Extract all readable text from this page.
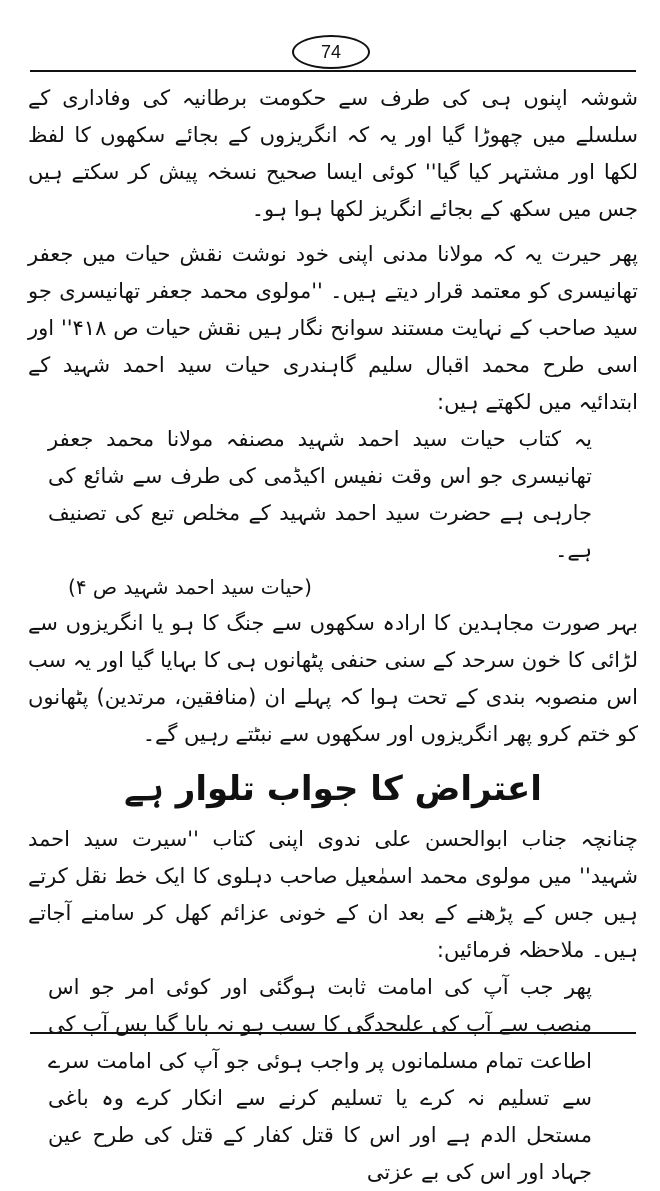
74

شوشہ اپنوں ہی کی طرف سے حکومت برطانیہ کی وفاداری کے سلسلے میں چھوڑا گیا اور یہ کہ انگریزوں کے بجائے سکھوں کا لفظ لکھا اور مشتہر کیا گیا'' کوئی ایسا صحیح نسخہ پیش کر سکتے ہیں جس میں سکھ کے بجائے انگریز لکھا ہوا ہو۔

پھر حیرت یہ کہ مولانا مدنی اپنی خود نوشت نقش حیات میں جعفر تھانیسری کو معتمد قرار دیتے ہیں۔ ''مولوی محمد جعفر تھانیسری جو سید صاحب کے نہایت مستند سوانح نگار ہیں نقش حیات ص ۴۱۸'' اور اسی طرح محمد اقبال سلیم گاہندری حیات سید احمد شہید کے ابتدائیہ میں لکھتے ہیں:

یہ کتاب حیات سید احمد شہید مصنفہ مولانا محمد جعفر تھانیسری جو اس وقت نفیس اکیڈمی کی طرف سے شائع کی جارہی ہے حضرت سید احمد شہید کے مخلص تبع کی تصنیف ہے۔

(حیات سید احمد شہید ص ۴)

بہر صورت مجاہدین کا ارادہ سکھوں سے جنگ کا ہو یا انگریزوں سے لڑائی کا خون سرحد کے سنی حنفی پٹھانوں ہی کا بہایا گیا اور یہ سب اس منصوبہ بندی کے تحت ہوا کہ پہلے ان (منافقین، مرتدین) پٹھانوں کو ختم کرو پھر انگریزوں اور سکھوں سے نبٹتے رہیں گے۔

اعتراض کا جواب تلوار ہے

چنانچہ جناب ابوالحسن علی ندوی اپنی کتاب ''سیرت سید احمد شہید'' میں مولوی محمد اسمٰعیل صاحب دہلوی کا ایک خط نقل کرتے ہیں جس کے پڑھنے کے بعد ان کے خونی عزائم کھل کر سامنے آجاتے ہیں۔ ملاحظہ فرمائیں:

پھر جب آپ کی امامت ثابت ہوگئی اور کوئی امر جو اس منصب سے آپ کی علیحدگی کا سبب ہو نہ پایا گیا پس آپ کی اطاعت تمام مسلمانوں پر واجب ہوئی جو آپ کی امامت سرے سے تسلیم نہ کرے یا تسلیم کرنے سے انکار کرے وہ باغی مستحل الدم ہے اور اس کا قتل کفار کے قتل کی طرح عین جہاد اور اس کی بے عزتی
